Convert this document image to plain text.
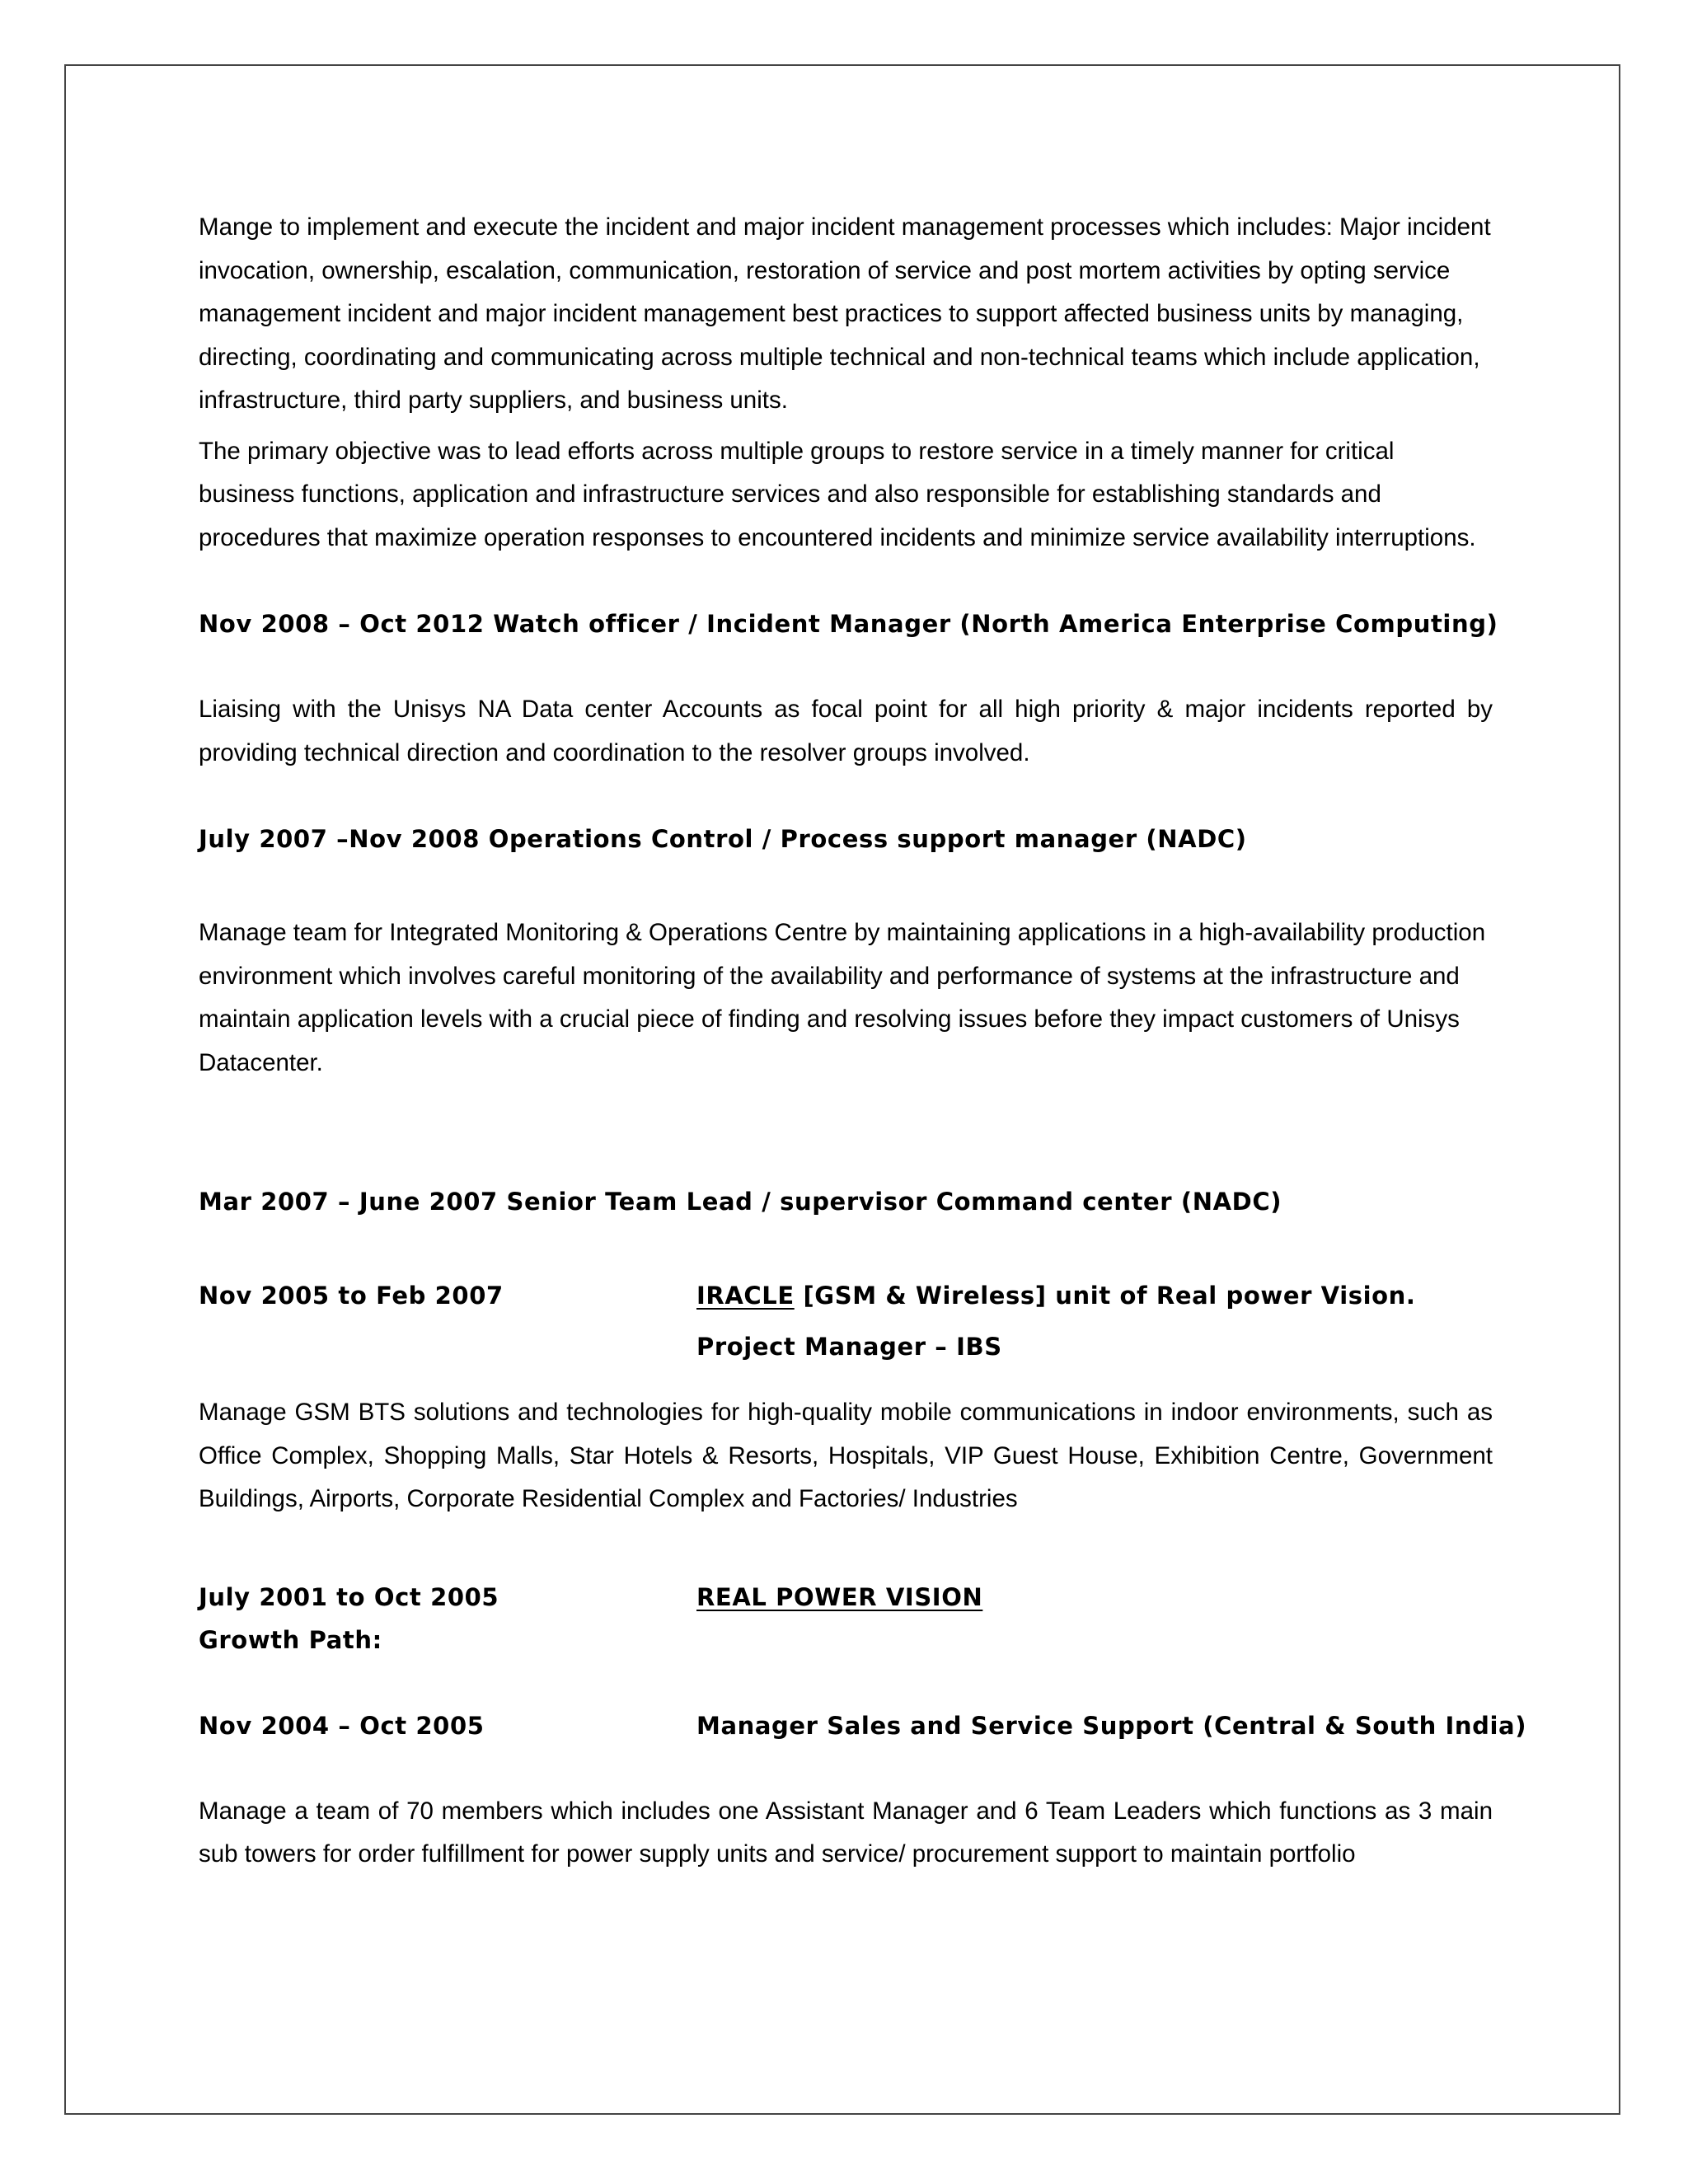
Mange to implement and execute the incident and major incident management processes which includes: Major incident invocation, ownership, escalation, communication, restoration of service and post mortem activities by opting service management incident and major incident management best practices to support affected business units by managing, directing, coordinating and communicating across multiple technical and non-technical teams which include application, infrastructure, third party suppliers, and business units.

The primary objective was to lead efforts across multiple groups to restore service in a timely manner for critical business functions, application and infrastructure services and also responsible for establishing standards and procedures that maximize operation responses to encountered incidents and minimize service availability interruptions.

Nov 2008 – Oct 2012 Watch officer / Incident Manager (North America Enterprise Computing)

Liaising with the Unisys NA Data center Accounts as focal point for all high priority & major incidents reported by providing technical direction and coordination to the resolver groups involved.

July 2007 –Nov 2008 Operations Control / Process support manager (NADC)

Manage team for Integrated Monitoring & Operations Centre by maintaining applications in a high-availability production environment which involves careful monitoring of the availability and performance of systems at the infrastructure and maintain application levels with a crucial piece of finding and resolving issues before they impact customers of Unisys Datacenter.

Mar 2007 – June 2007 Senior Team Lead / supervisor Command center (NADC)

Nov 2005 to Feb 2007	IRACLE [GSM & Wireless] unit of Real power Vision.

Project Manager – IBS

Manage GSM BTS solutions and technologies for high-quality mobile communications in indoor environments, such as Office Complex, Shopping Malls, Star Hotels & Resorts, Hospitals, VIP Guest House, Exhibition Centre, Government Buildings, Airports, Corporate Residential Complex and Factories/ Industries

July 2001 to Oct 2005	REAL POWER VISION

Growth Path:

Nov 2004 – Oct 2005	Manager Sales and Service Support (Central & South India)

Manage a team of 70 members which includes one Assistant Manager and 6 Team Leaders which functions as 3 main sub towers for order fulfillment for power supply units and service/ procurement support to maintain portfolio
